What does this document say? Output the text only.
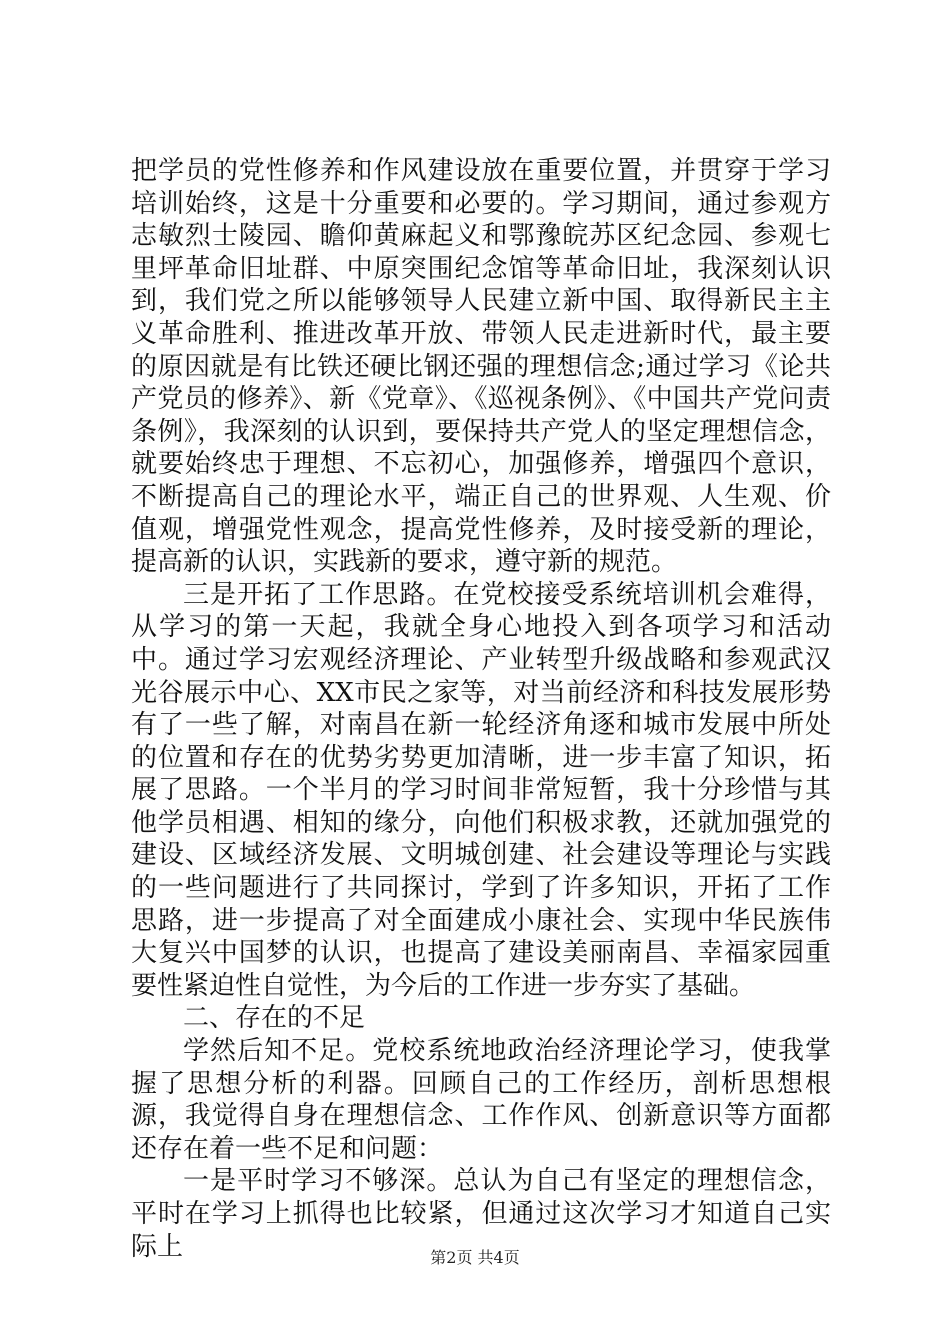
把学员的党性修养和作风建设放在重要位置，并贯穿于学习培训始终，这是十分重要和必要的。学习期间，通过参观方志敏烈士陵园、瞻仰黄麻起义和鄂豫皖苏区纪念园、参观七里坪革命旧址群、中原突围纪念馆等革命旧址，我深刻认识到，我们党之所以能够领导人民建立新中国、取得新民主主义革命胜利、推进改革开放、带领人民走进新时代，最主要的原因就是有比铁还硬比钢还强的理想信念;通过学习《论共产党员的修养》、新《党章》、《巡视条例》、《中国共产党问责条例》，我深刻的认识到，要保持共产党人的坚定理想信念，就要始终忠于理想、不忘初心，加强修养，增强四个意识，不断提高自己的理论水平，端正自己的世界观、人生观、价值观，增强党性观念，提高党性修养，及时接受新的理论，提高新的认识，实践新的要求，遵守新的规范。

三是开拓了工作思路。在党校接受系统培训机会难得，从学习的第一天起，我就全身心地投入到各项学习和活动中。通过学习宏观经济理论、产业转型升级战略和参观武汉光谷展示中心、XX市民之家等，对当前经济和科技发展形势有了一些了解，对南昌在新一轮经济角逐和城市发展中所处的位置和存在的优势劣势更加清晰，进一步丰富了知识，拓展了思路。一个半月的学习时间非常短暂，我十分珍惜与其他学员相遇、相知的缘分，向他们积极求教，还就加强党的建设、区域经济发展、文明城创建、社会建设等理论与实践的一些问题进行了共同探讨，学到了许多知识，开拓了工作思路，进一步提高了对全面建成小康社会、实现中华民族伟大复兴中国梦的认识，也提高了建设美丽南昌、幸福家园重要性紧迫性自觉性，为今后的工作进一步夯实了基础。

二、存在的不足

学然后知不足。党校系统地政治经济理论学习，使我掌握了思想分析的利器。回顾自己的工作经历，剖析思想根源，我觉得自身在理想信念、工作作风、创新意识等方面都还存在着一些不足和问题：

一是平时学习不够深。总认为自己有坚定的理想信念，平时在学习上抓得也比较紧，但通过这次学习才知道自己实际上	第2页 共4页
